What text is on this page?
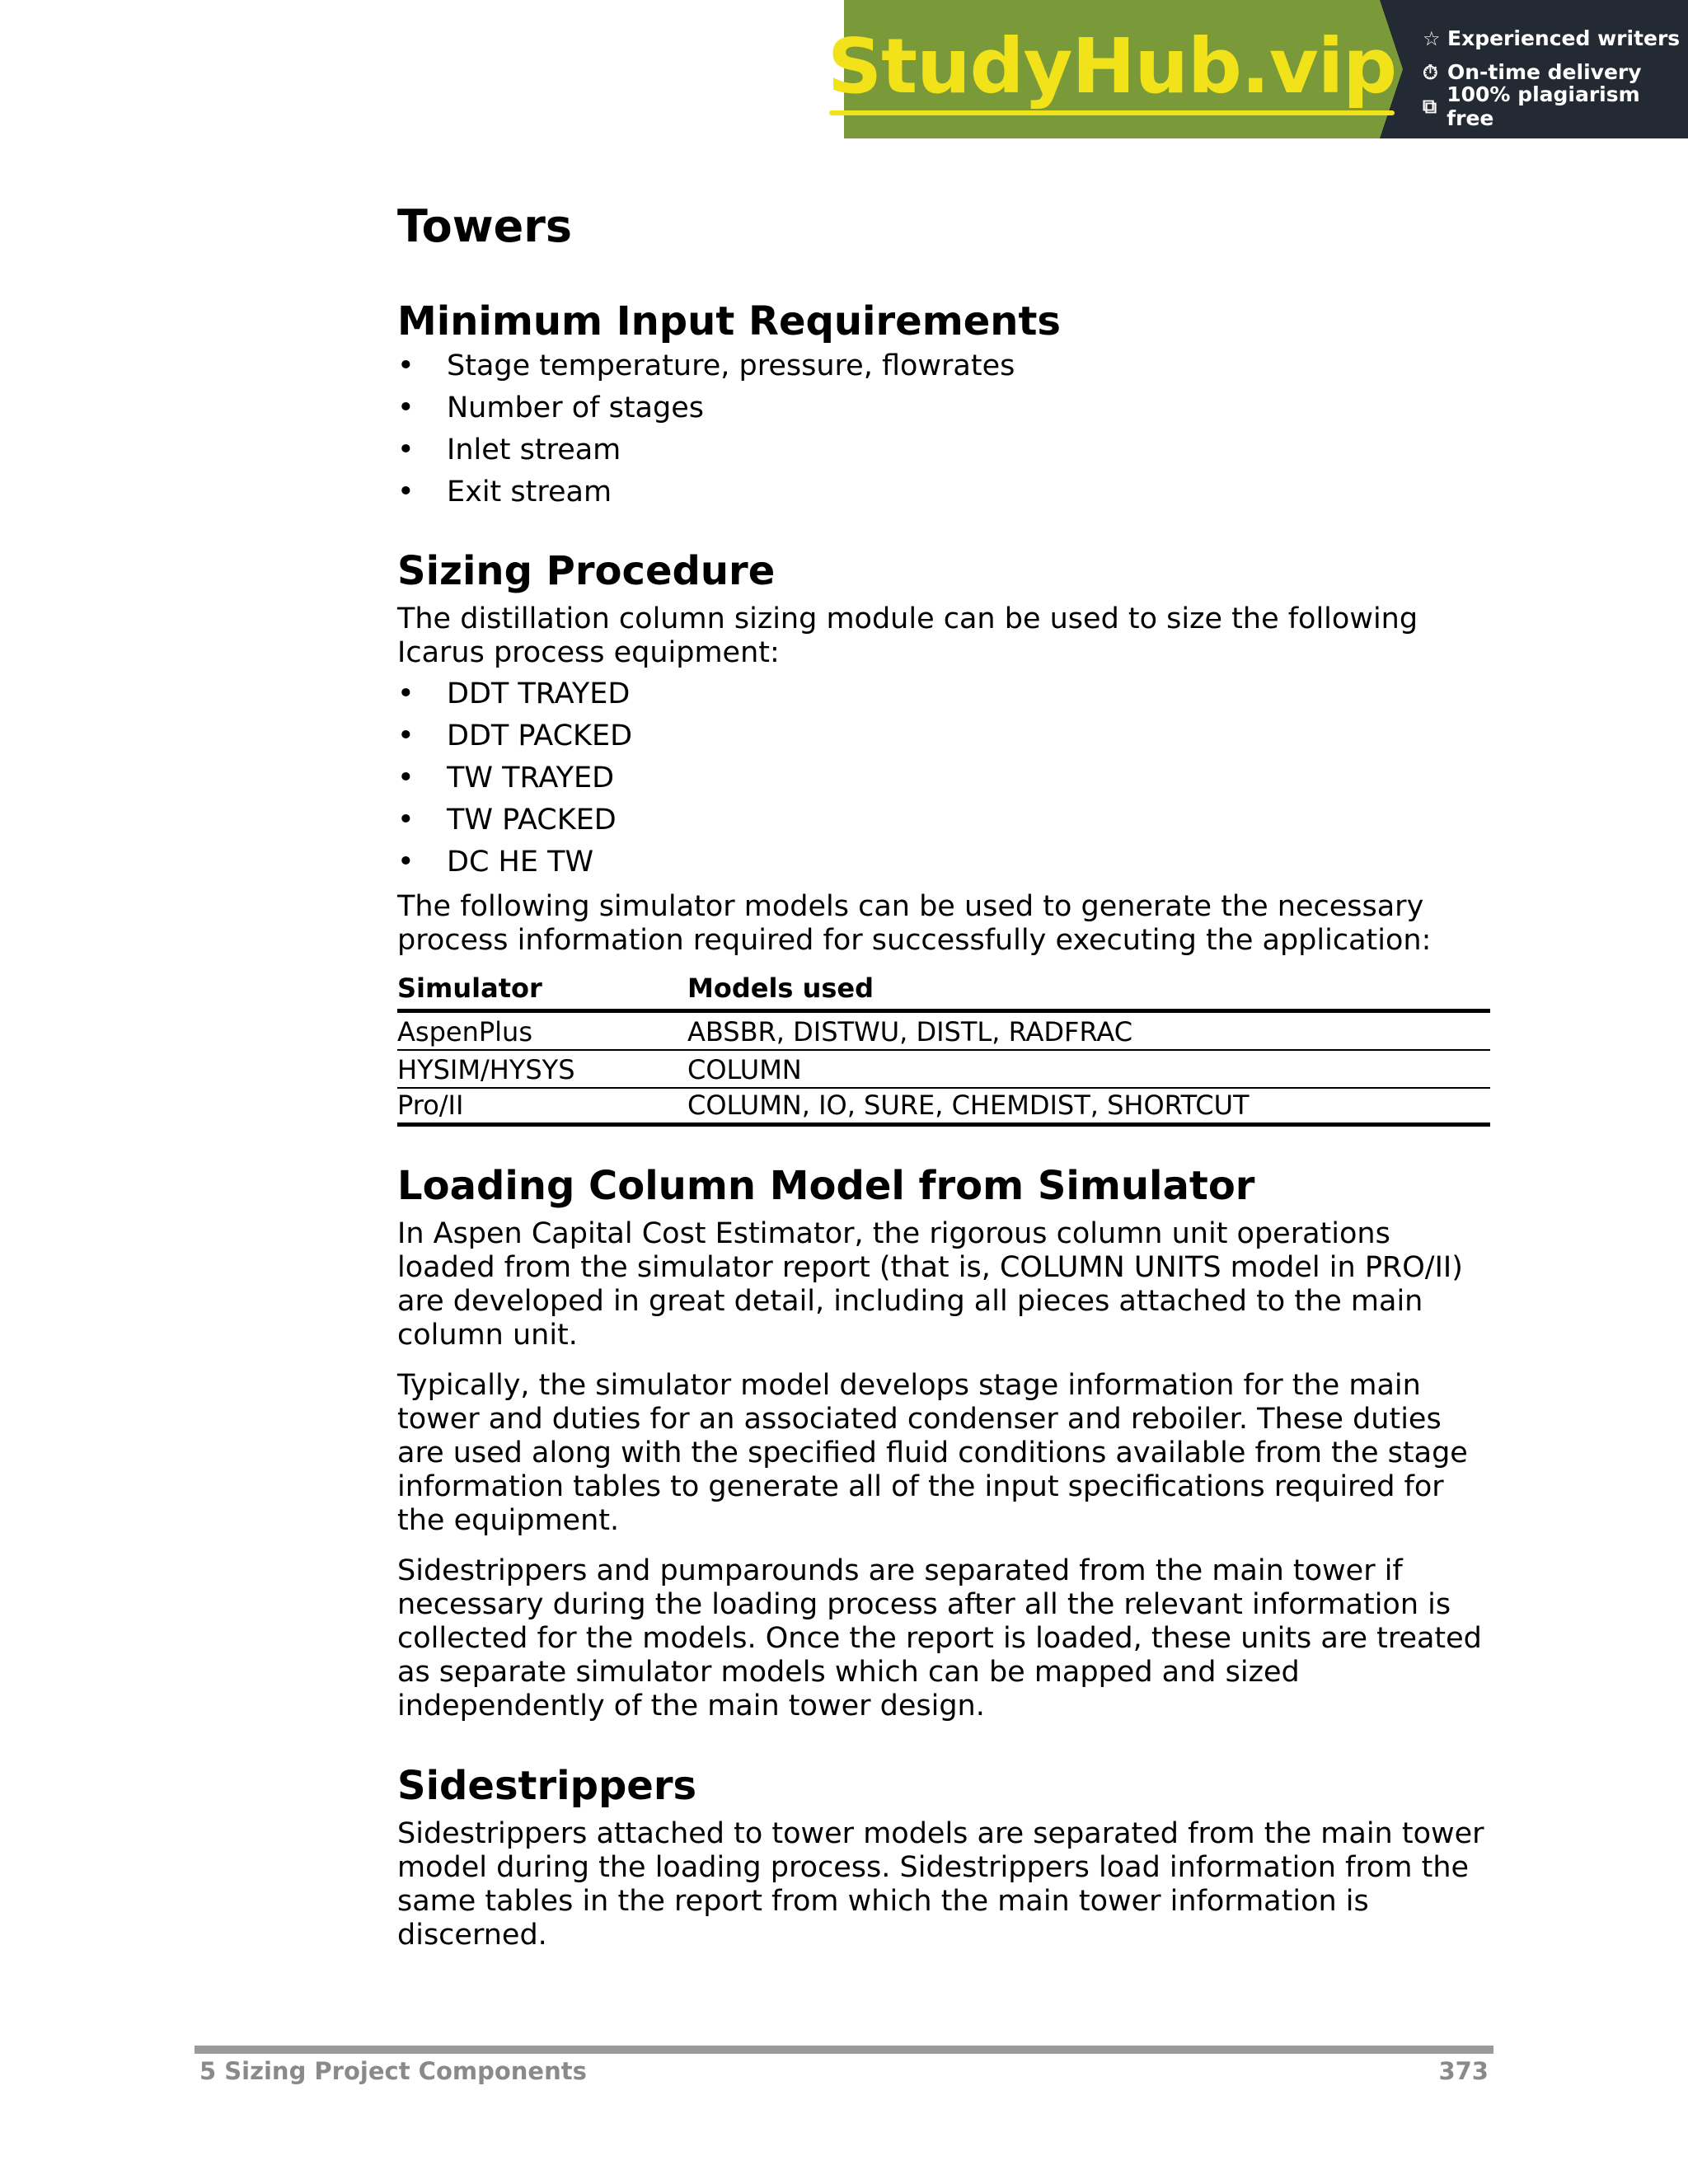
StudyHub.vip ☆ Experienced writers
⏱ On-time delivery
⧉ 100% plagiarism free
Towers
Minimum Input Requirements
• Stage temperature, pressure, flowrates
• Number of stages
• Inlet stream
• Exit stream
Sizing Procedure

The distillation column sizing module can be used to size the following Icarus process equipment:

• DDT TRAYED
• DDT PACKED
• TW TRAYED
• TW PACKED
• DC HE TW

The following simulator models can be used to generate the necessary process information required for successfully executing the application:

Simulator	Models used
AspenPlus	ABSBR, DISTWU, DISTL, RADFRAC
HYSIM/HYSYS	COLUMN
Pro/II	COLUMN, IO, SURE, CHEMDIST, SHORTCUT
Loading Column Model from Simulator

In Aspen Capital Cost Estimator, the rigorous column unit operations loaded from the simulator report (that is, COLUMN UNITS model in PRO/II) are developed in great detail, including all pieces attached to the main column unit.

Typically, the simulator model develops stage information for the main tower and duties for an associated condenser and reboiler. These duties are used along with the specified fluid conditions available from the stage information tables to generate all of the input specifications required for the equipment.

Sidestrippers and pumparounds are separated from the main tower if necessary during the loading process after all the relevant information is collected for the models. Once the report is loaded, these units are treated as separate simulator models which can be mapped and sized independently of the main tower design.

Sidestrippers

Sidestrippers attached to tower models are separated from the main tower model during the loading process. Sidestrippers load information from the same tables in the report from which the main tower information is discerned.

5 Sizing Project Components	373
